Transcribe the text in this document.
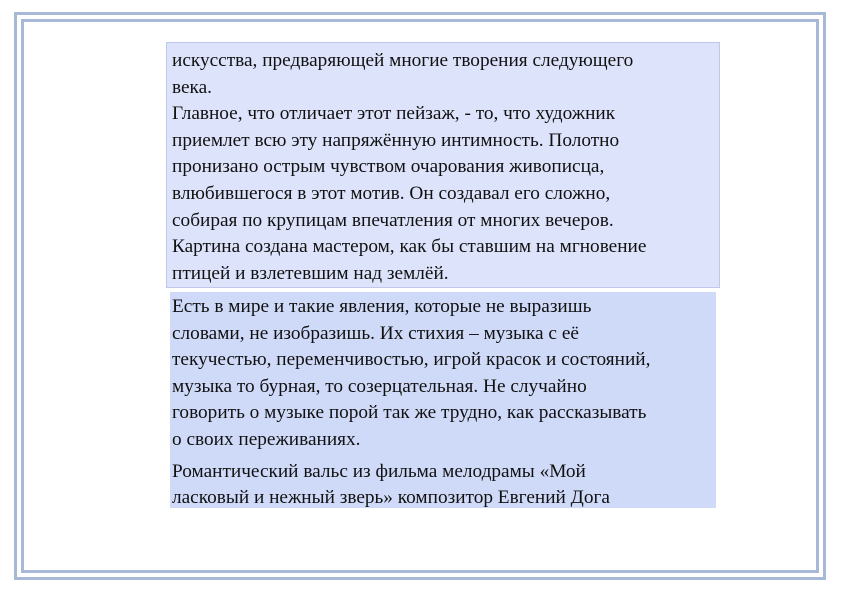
искусства, предваряющей многие творения следующего
века.

Главное, что отличает этот пейзаж, - то, что художник
приемлет всю эту напряжённую интимность. Полотно
пронизано острым чувством очарования живописца,
влюбившегося в этот мотив. Он создавал его сложно,
собирая по крупицам впечатления от многих вечеров.
Картина создана мастером, как бы ставшим на мгновение
птицей и взлетевшим над землёй.

Есть в мире и такие явления, которые не выразишь
словами, не изобразишь. Их стихия – музыка с её
текучестью, переменчивостью, игрой красок и состояний,
музыка то бурная, то созерцательная. Не случайно
говорить о музыке порой так же трудно, как рассказывать
о своих переживаниях.

Романтический вальс из фильма мелодрамы «Мой
ласковый и нежный зверь» композитор Евгений Дога
